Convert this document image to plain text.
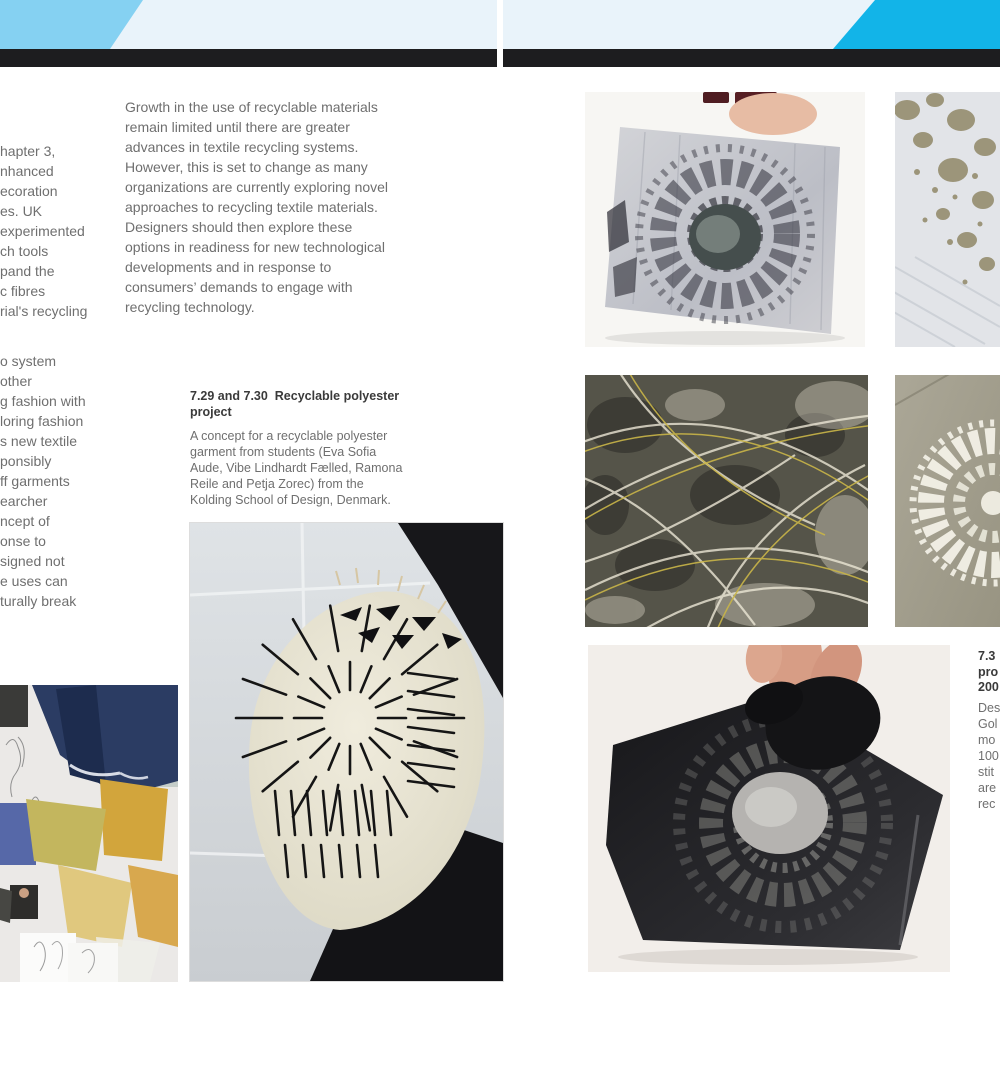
hapter 3,
nhanced
ecoration
es. UK
experimented
ch tools
pand the
c fibres
rial's recycling
Growth in the use of recyclable materials
remain limited until there are greater
advances in textile recycling systems.
However, this is set to change as many
organizations are currently exploring novel
approaches to recycling textile materials.
Designers should then explore these
options in readiness for new technological
developments and in response to
consumers’ demands to engage with
recycling technology.
o system
other
g fashion with
loring fashion
s new textile
ponsibly
ff garments
earcher
ncept of
onse to
signed not
e uses can
turally break
7.29 and 7.30  Recyclable polyester
project
A concept for a recyclable polyester
garment from students (Eva Sofia
Aude, Vibe Lindhardt Fælled, Ramona
Reile and Petja Zorec) from the
Kolding School of Design, Denmark.
7.3
pro
200
Des
Gol
mo
100
stit
are
rec
